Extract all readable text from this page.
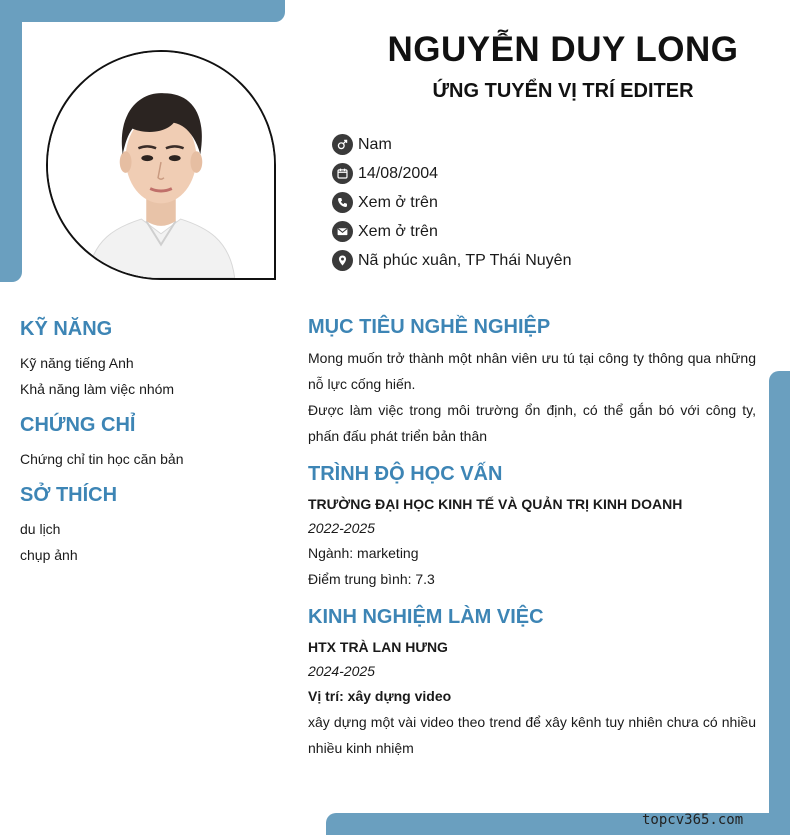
NGUYỄN DUY LONG
ỨNG TUYỂN VỊ TRÍ EDITER
Nam
14/08/2004
Xem ở trên
Xem ở trên
Nã phúc xuân, TP Thái Nuyên
KỸ NĂNG
Kỹ năng tiếng Anh
Khả năng làm việc nhóm
CHỨNG CHỈ
Chứng chỉ tin học căn bản
SỞ THÍCH
du lịch
chụp ảnh
MỤC TIÊU NGHỀ NGHIỆP
Mong muốn trở thành một nhân viên ưu tú tại công ty thông qua những nỗ lực cống hiến.
Được làm việc trong môi trường ổn định, có thể gắn bó với công ty, phấn đấu phát triển bản thân
TRÌNH ĐỘ HỌC VẤN
TRƯỜNG ĐẠI HỌC KINH TẾ VÀ QUẢN TRỊ KINH DOANH
2022-2025
Ngành: marketing
Điểm trung bình: 7.3
KINH NGHIỆM LÀM VIỆC
HTX TRÀ LAN HƯNG
2024-2025
Vị trí: xây dựng video
xây dựng một vài video theo trend để xây kênh tuy nhiên chưa có nhiều nhiều kinh nhiệm
topcv365.com
